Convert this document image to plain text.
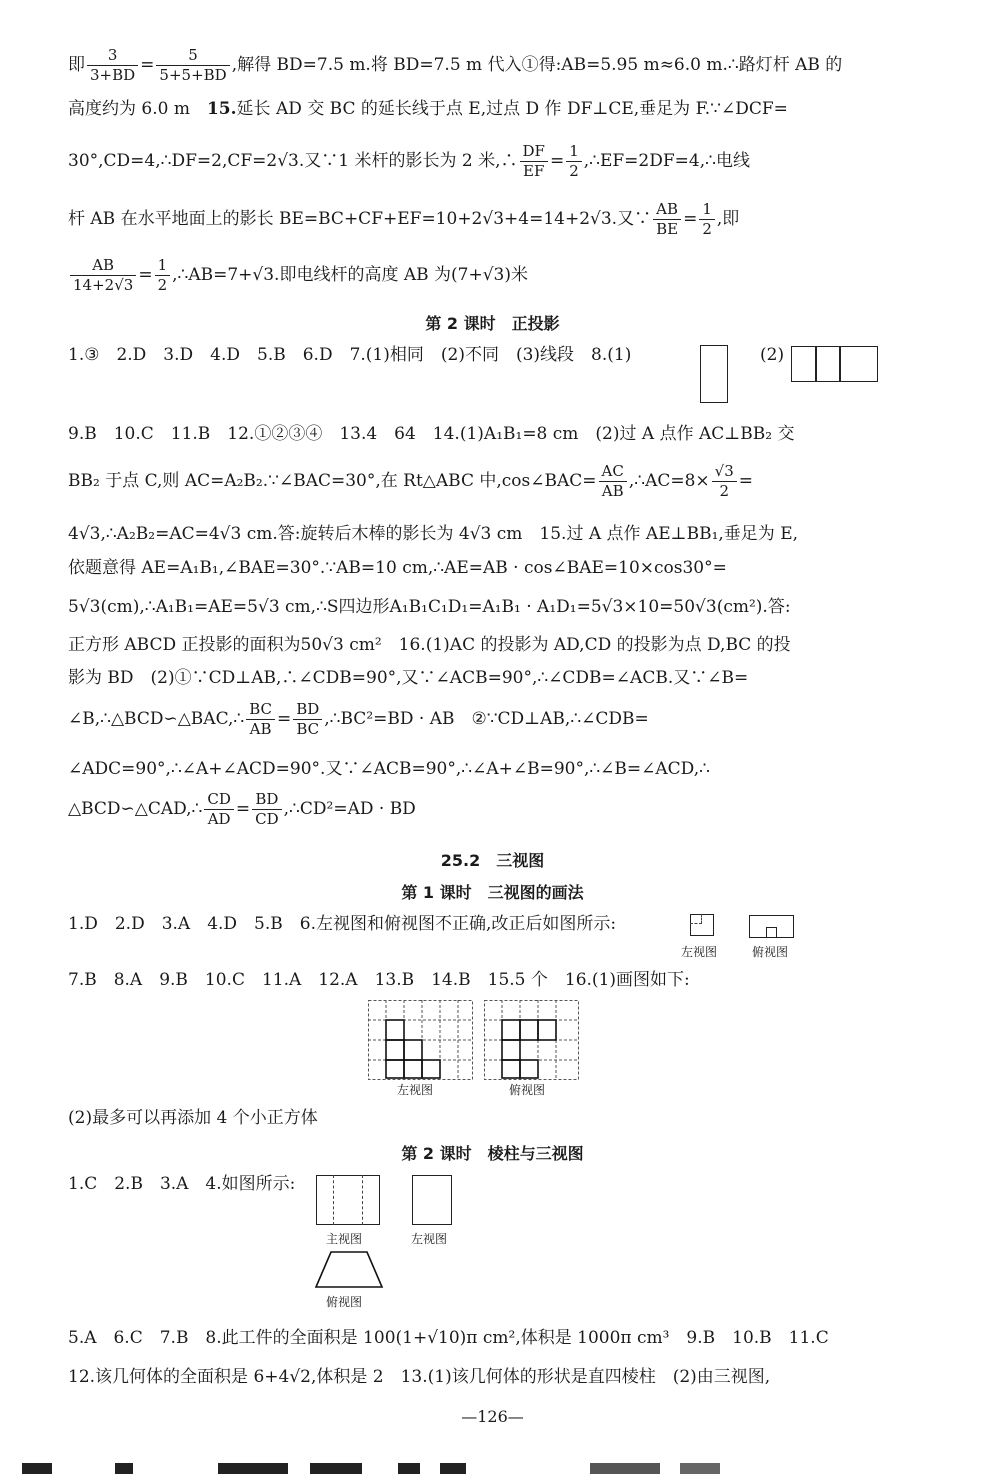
即 $\frac{3}{3+BD} = \frac{5}{5+5+BD}$ ,解得 BD=7.5 m.将 BD=7.5 m 代入①得:AB=5.95 m≈6.0 m.∴路灯杆 AB 的
高度约为 6.0 m　 15.延长 AD 交 BC 的延长线于点 E,过点 D 作 DF⊥CE,垂足为 F.∵∠DCF=
30°,CD=4,∴DF=2,CF=2√3.又∵1 米杆的影长为 2 米,∴ $\frac{DF}{EF} = \frac{1}{2}$ ,∴EF=2DF=4,∴电线
杆 AB 在水平地面上的影长 BE=BC+CF+EF=10+2√3+4=14+2√3.又∵ $\frac{AB}{BE} = \frac{1}{2}$ ,即
$\frac{AB}{14+2√3} = \frac{1}{2}$ ,∴AB=7+√3.即电线杆的高度 AB 为(7+√3)米
第 2 课时　正投影
1.③　2.D　3.D　4.D　5.B　6.D　7.(1)相同　(2)不同　(3)线段　8.(1)	(2)
9.B　10.C　11.B　12.①②③④　13.4　64　14.(1)A₁B₁=8 cm　(2)过 A 点作 AC⊥BB₂ 交
BB₂ 于点 C,则 AC=A₂B₂.∵∠BAC=30°,在 Rt△ABC 中,cos∠BAC= $\frac{AC}{AB}$ ,∴AC=8× $\frac{√3}{2}$ =
4√3,∴A₂B₂=AC=4√3 cm.答:旋转后木棒的影长为 4√3 cm　15.过 A 点作 AE⊥BB₁,垂足为 E,
依题意得 AE=A₁B₁,∠BAE=30°.∵AB=10 cm,∴AE=AB · cos∠BAE=10×cos30°=
5√3(cm),∴A₁B₁=AE=5√3 cm,∴S四边形A₁B₁C₁D₁=A₁B₁ · A₁D₁=5√3×10=50√3(cm²).答:
正方形 ABCD 正投影的面积为50√3 cm²　16.(1)AC 的投影为 AD,CD 的投影为点 D,BC 的投
影为 BD　(2)①∵CD⊥AB,∴∠CDB=90°,又∵∠ACB=90°,∴∠CDB=∠ACB.又∵∠B=
∠B,∴△BCD∽△BAC,∴ $\frac{BC}{AB} = \frac{BD}{BC}$ ,∴BC²=BD · AB　②∵CD⊥AB,∴∠CDB=
∠ADC=90°,∴∠A+∠ACD=90°.又∵∠ACB=90°,∴∠A+∠B=90°,∴∠B=∠ACD,∴
△BCD∽△CAD,∴ $\frac{CD}{AD} = \frac{BD}{CD}$ ,∴CD²=AD · BD
25.2　三视图
第 1 课时　三视图的画法
1.D　2.D　3.A　4.D　5.B　6.左视图和俯视图不正确,改正后如图所示:
左视图	俯视图
7.B　8.A　9.B　10.C　11.A　12.A　13.B　14.B　15.5 个　16.(1)画图如下:
左视图	俯视图
(2)最多可以再添加 4 个小正方体
第 2 课时　棱柱与三视图
1.C　2.B　3.A　4.如图所示:
主视图	左视图
俯视图
5.A　6.C　7.B　8.此工件的全面积是 100(1+√10)π cm²,体积是 1000π cm³　9.B　10.B　11.C
12.该几何体的全面积是 6+4√2,体积是 2　13.(1)该几何体的形状是直四棱柱　(2)由三视图,
—126—
